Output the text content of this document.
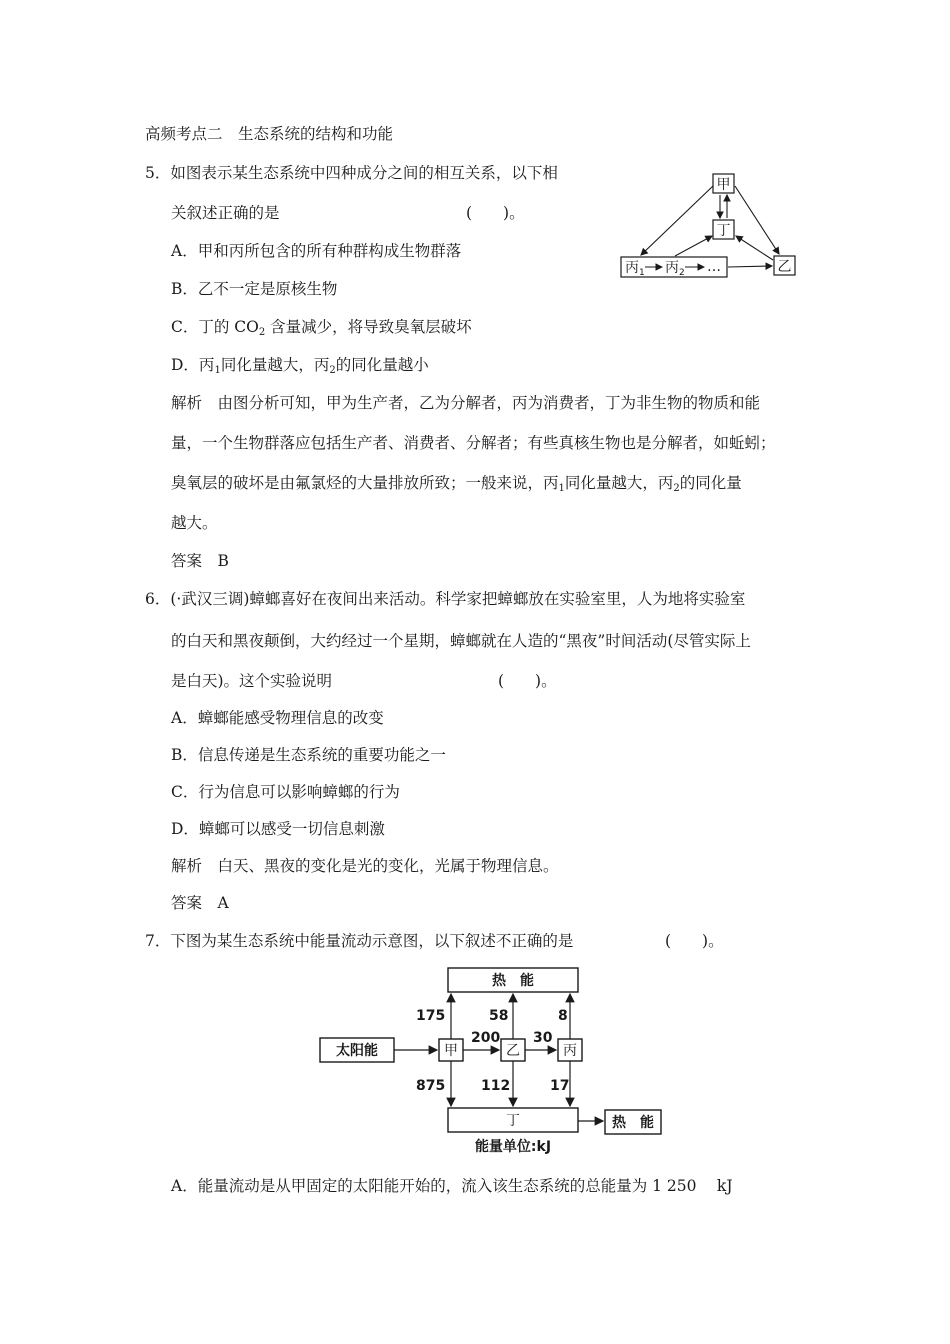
高频考点二　生态系统的结构和功能
5．如图表示某生态系统中四种成分之间的相互关系，以下相
关叙述正确的是	(　　)。
A．甲和丙所包含的所有种群构成生物群落
B．乙不一定是原核生物
C．丁的 $CO_2$ 含量减少，将导致臭氧层破坏
D．丙$_1$同化量越大，丙$_2$的同化量越小
解析　由图分析可知，甲为生产者，乙为分解者，丙为消费者，丁为非生物的物质和能
量，一个生物群落应包括生产者、消费者、分解者；有些真核生物也是分解者，如蚯蚓；
臭氧层的破坏是由氟氯烃的大量排放所致；一般来说，丙$_1$同化量越大，丙$_2$的同化量
越大。
答案　B
甲
丁
乙
丙 1 丙 2 …
6．(·武汉三调)蟑螂喜好在夜间出来活动。科学家把蟑螂放在实验室里，人为地将实验室
的白天和黑夜颠倒，大约经过一个星期，蟑螂就在人造的“黑夜”时间活动(尽管实际上
是白天)。这个实验说明	(　　)。
A．蟑螂能感受物理信息的改变
B．信息传递是生态系统的重要功能之一
C．行为信息可以影响蟑螂的行为
D．蟑螂可以感受一切信息刺激
解析　白天、黑夜的变化是光的变化，光属于物理信息。
答案　A
7．下图为某生态系统中能量流动示意图，以下叙述不正确的是	(　　)。
热　能
太阳能	甲	乙	丙
丁	热　能
175	58	8
200 30
875	112	17
能量单位:kJ
A．能量流动是从甲固定的太阳能开始的，流入该生态系统的总能量为 1 250　 kJ
